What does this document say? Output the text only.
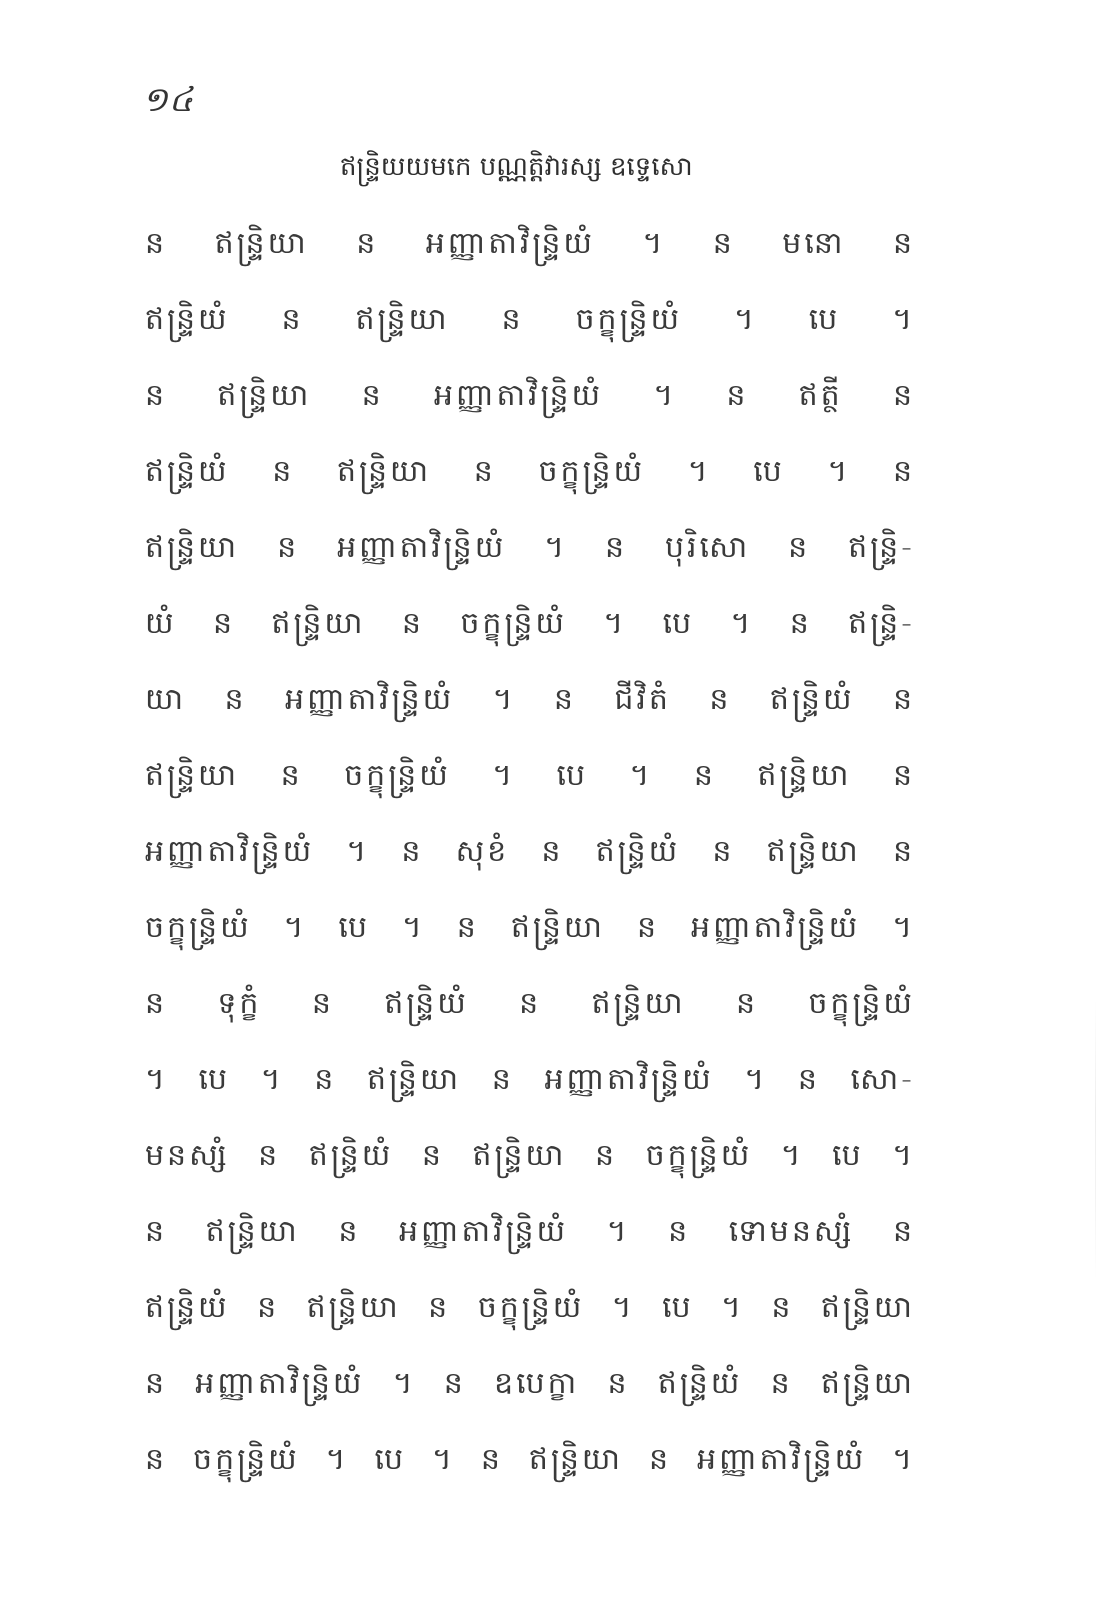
១៤
ឥន្ទ្រិយយមកេ បណ្ណត្តិវារស្ស ឧទ្ទេសោ
ន ឥន្ទ្រិយា ន អញ្ញាតាវិន្ទ្រិយំ ។ ន មនោ ន
ឥន្ទ្រិយំ ន ឥន្ទ្រិយា ន ចក្ខុន្ទ្រិយំ ។ បេ ។
ន ឥន្ទ្រិយា ន អញ្ញាតាវិន្ទ្រិយំ ។ ន ឥត្ថី ន
ឥន្ទ្រិយំ ន ឥន្ទ្រិយា ន ចក្ខុន្ទ្រិយំ ។ បេ ។ ន
ឥន្ទ្រិយា ន អញ្ញាតាវិន្ទ្រិយំ ។ ន បុរិសោ ន ឥន្ទ្រិ-
យំ ន ឥន្ទ្រិយា ន ចក្ខុន្ទ្រិយំ ។ បេ ។ ន ឥន្ទ្រិ-
យា ន អញ្ញាតាវិន្ទ្រិយំ ។ ន ជីវិតំ ន ឥន្ទ្រិយំ ន
ឥន្ទ្រិយា ន ចក្ខុន្ទ្រិយំ ។ បេ ។ ន ឥន្ទ្រិយា ន
អញ្ញាតាវិន្ទ្រិយំ ។ ន សុខំ ន ឥន្ទ្រិយំ ន ឥន្ទ្រិយា ន
ចក្ខុន្ទ្រិយំ ។ បេ ។ ន ឥន្ទ្រិយា ន អញ្ញាតាវិន្ទ្រិយំ ។
ន ទុក្ខំ ន ឥន្ទ្រិយំ ន ឥន្ទ្រិយា ន ចក្ខុន្ទ្រិយំ
។ បេ ។ ន ឥន្ទ្រិយា ន អញ្ញាតាវិន្ទ្រិយំ ។ ន សោ-
មនស្សំ ន ឥន្ទ្រិយំ ន ឥន្ទ្រិយា ន ចក្ខុន្ទ្រិយំ ។ បេ ។
ន ឥន្ទ្រិយា ន អញ្ញាតាវិន្ទ្រិយំ ។ ន ទោមនស្សំ ន
ឥន្ទ្រិយំ ន ឥន្ទ្រិយា ន ចក្ខុន្ទ្រិយំ ។ បេ ។ ន ឥន្ទ្រិយា
ន អញ្ញាតាវិន្ទ្រិយំ ។ ន ឧបេក្ខា ន ឥន្ទ្រិយំ ន ឥន្ទ្រិយា
ន ចក្ខុន្ទ្រិយំ ។ បេ ។ ន ឥន្ទ្រិយា ន អញ្ញាតាវិន្ទ្រិយំ ។
